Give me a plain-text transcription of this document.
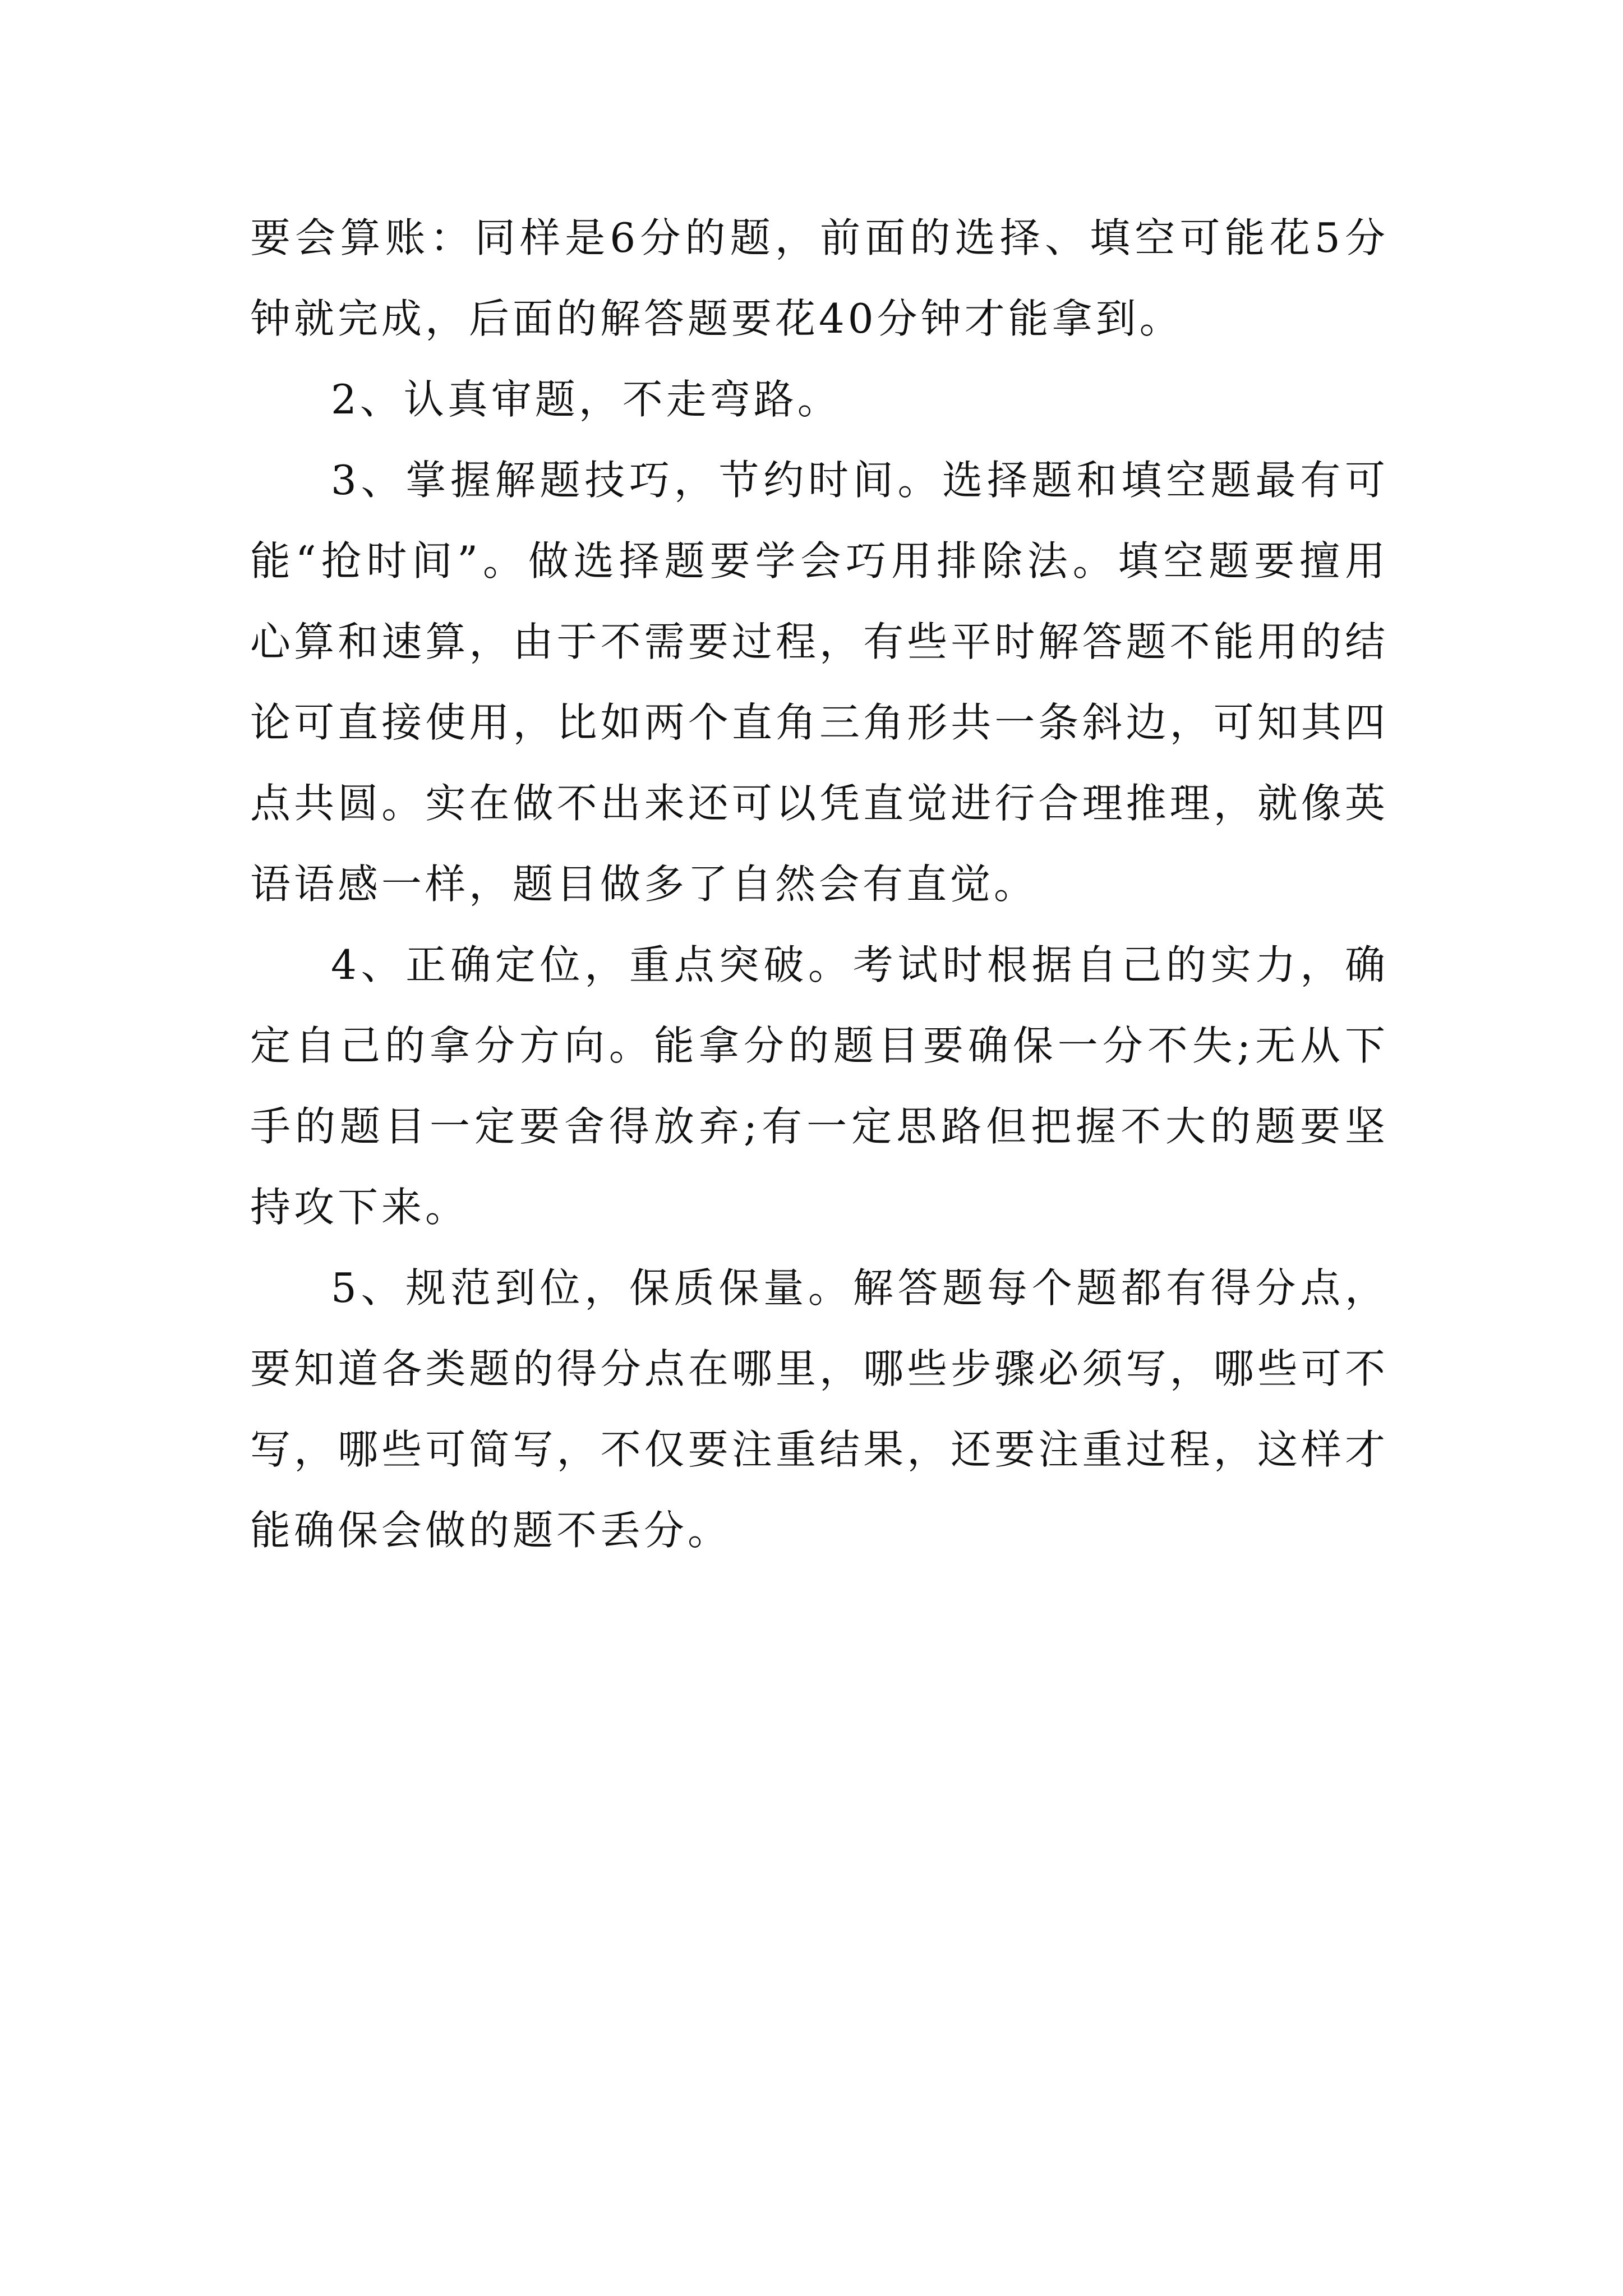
要会算账：同样是6分的题，前面的选择、填空可能花5分钟就完成，后面的解答题要花40分钟才能拿到。

2、认真审题，不走弯路。

3、掌握解题技巧，节约时间。选择题和填空题最有可能“抢时间”。做选择题要学会巧用排除法。填空题要擅用心算和速算，由于不需要过程，有些平时解答题不能用的结论可直接使用，比如两个直角三角形共一条斜边，可知其四点共圆。实在做不出来还可以凭直觉进行合理推理，就像英语语感一样，题目做多了自然会有直觉。

4、正确定位，重点突破。考试时根据自己的实力，确定自己的拿分方向。能拿分的题目要确保一分不失;无从下手的题目一定要舍得放弃;有一定思路但把握不大的题要坚持攻下来。

5、规范到位，保质保量。解答题每个题都有得分点，要知道各类题的得分点在哪里，哪些步骤必须写，哪些可不写，哪些可简写，不仅要注重结果，还要注重过程，这样才能确保会做的题不丢分。
